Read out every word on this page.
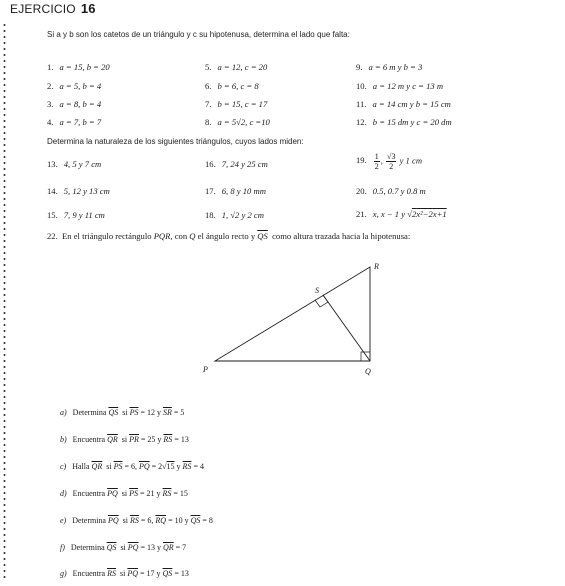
EJERCICIO 16
Si a y b son los catetos de un triángulo y c su hipotenusa, determina el lado que falta:
1. a = 15, b = 20	5. a = 12, c = 20	9. a = 6 m y b = 3
2. a = 5, b = 4	6. b = 6, c = 8	10. a = 12 m y c = 13 m
3. a = 8, b = 4	7. b = 15, c = 17	11. a = 14 cm y b = 15 cm
4. a = 7, b = 7	8. a = 5√2, c =10	12. b = 15 dm y c = 20 dm
Determina la naturaleza de los siguientes triángulos, cuyos lados miden:
13. 4, 5 y 7 cm	16. 7, 24 y 25 cm	19. $\frac{1}{2}$ , $\frac{√3}{2}$ y 1 cm
14. 5, 12 y 13 cm	17. 6, 8 y 10 mm	20. 0.5, 0.7 y 0.8 m
15. 7, 9 y 11 cm	18. 1, √2 y 2 cm	21. x, x − 1 y √2x²−2x+1
22.  En el triángulo rectángulo PQR, con Q el ángulo recto y $\overline{QS}$  como altura trazada hacia la hipotenusa:
R
S
P	Q
a) Determina $\overline{QS}$  si $\overline{PS} = 12$ y $\overline{SR} = 5$
b) Encuentra $\overline{QR}$  si $\overline{PR} = 25$ y $\overline{RS} = 13$
c) Halla $\overline{QR}$  si $\overline{PS} = 6$, $\overline{PQ} = 2√15$ y $\overline{RS} = 4$
d) Encuentra $\overline{PQ}$  si $\overline{PS} = 21$ y $\overline{RS} = 15$
e) Determina $\overline{PQ}$  si $\overline{RS} = 6$, $\overline{RQ} = 10$ y $\overline{QS} = 8$
f) Determina $\overline{QS}$  si $\overline{PQ} = 13$ y $\overline{QR} = 7$
g) Encuentra $\overline{RS}$  si $\overline{PQ} = 17$ y $\overline{QS} = 13$
